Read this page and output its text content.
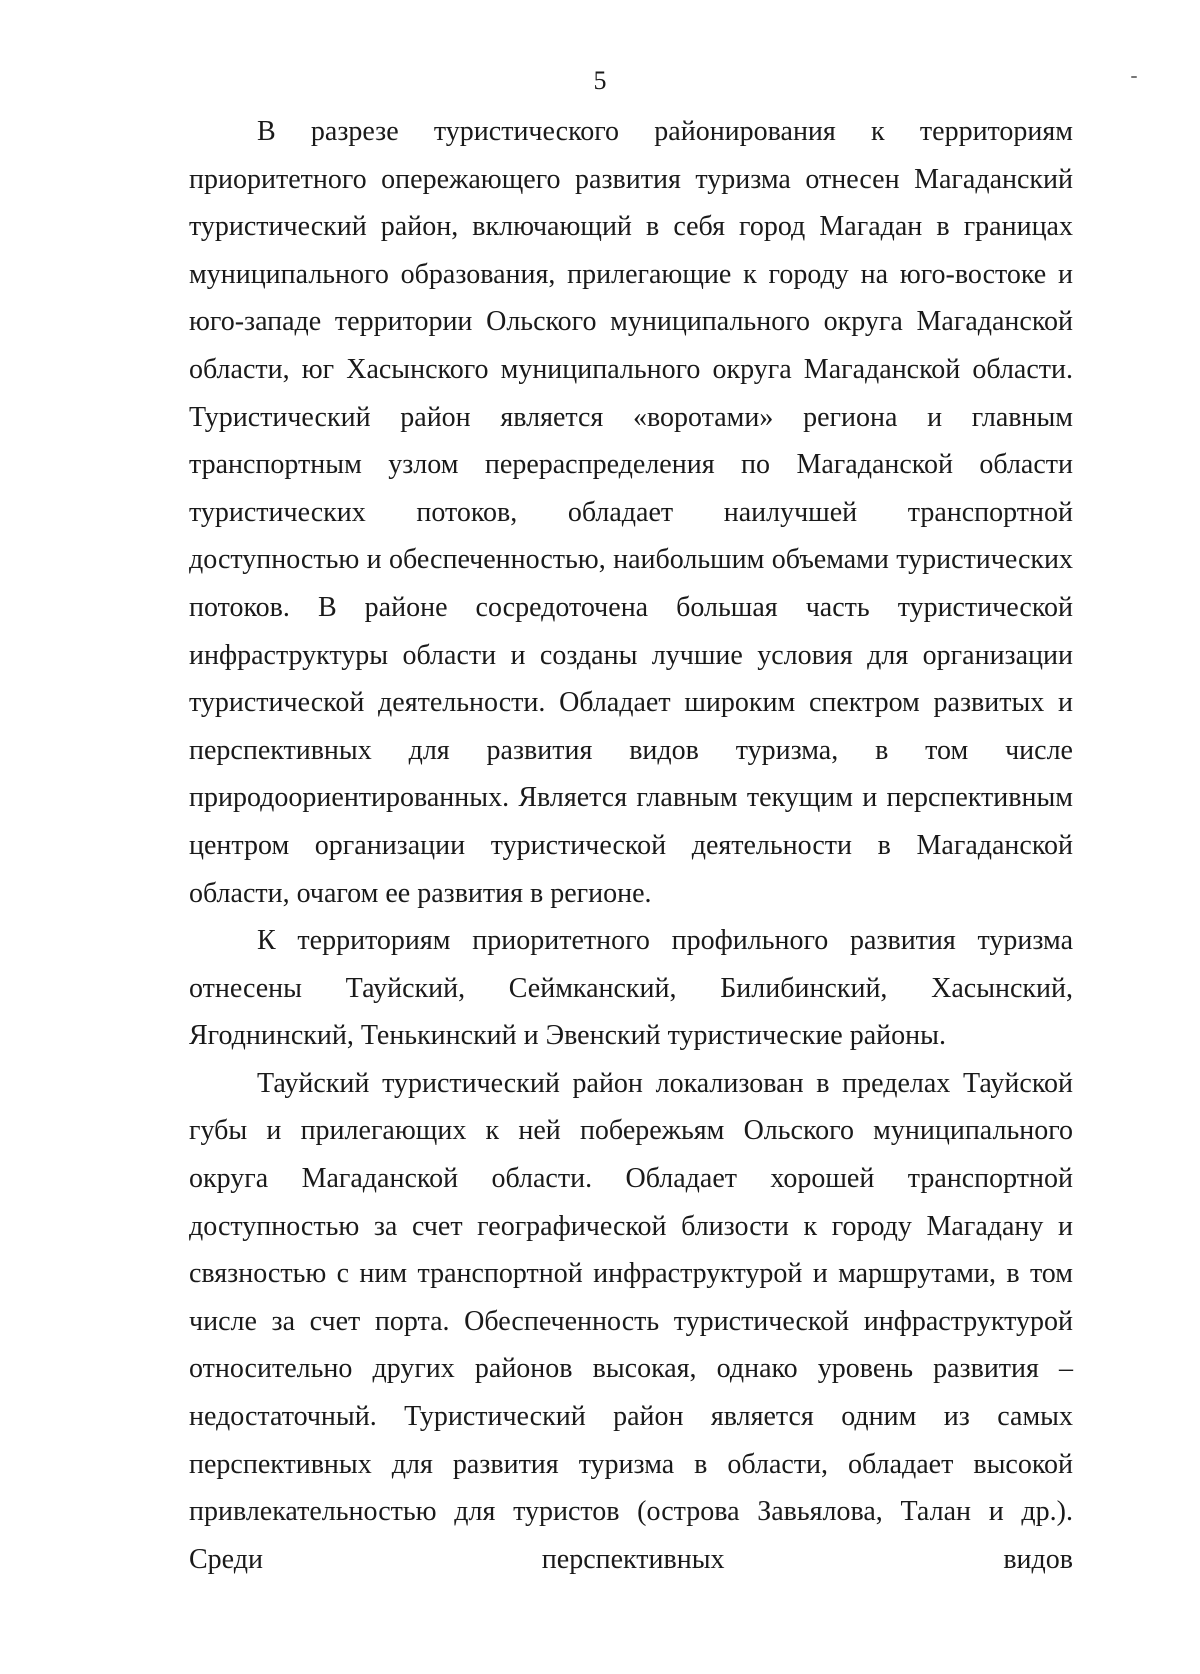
5

В разрезе туристического районирования к территориям приоритетного опережающего развития туризма отнесен Магаданский туристический район, включающий в себя город Магадан в границах муниципального образования, прилегающие к городу на юго-востоке и юго-западе территории Ольского муниципального округа Магаданской области, юг Хасынского муниципального округа Магаданской области. Туристический район является «воротами» региона и главным транспортным узлом перераспределения по Магаданской области туристических потоков, обладает наилучшей транспортной доступностью и обеспеченностью, наибольшим объемами туристических потоков. В районе сосредоточена большая часть туристической инфраструктуры области и созданы лучшие условия для организации туристической деятельности. Обладает широким спектром развитых и перспективных для развития видов туризма, в том числе природоориентированных. Является главным текущим и перспективным центром организации туристической деятельности в Магаданской области, очагом ее развития в регионе.

К территориям приоритетного профильного развития туризма отнесены Тауйский, Сеймканский, Билибинский, Хасынский, Ягоднинский, Тенькинский и Эвенский туристические районы.

Тауйский туристический район локализован в пределах Тауйской губы и прилегающих к ней побережьям Ольского муниципального округа Магаданской области. Обладает хорошей транспортной доступностью за счет географической близости к городу Магадану и связностью с ним транспортной инфраструктурой и маршрутами, в том числе за счет порта. Обеспеченность туристической инфраструктурой относительно других районов высокая, однако уровень развития – недостаточный. Туристический район является одним из самых перспективных для развития туризма в области, обладает высокой привлекательностью для туристов (острова Завьялова, Талан и др.). Среди перспективных видов
